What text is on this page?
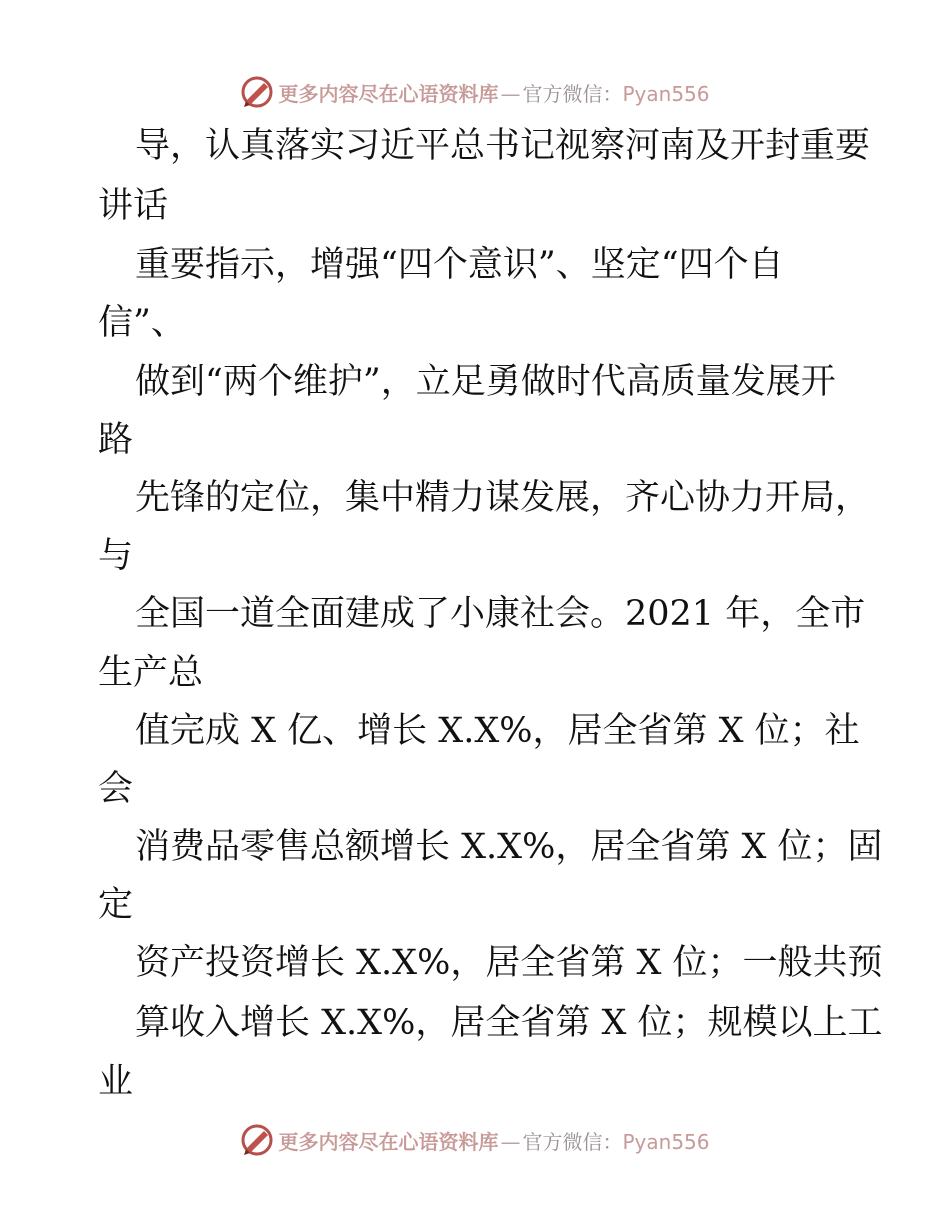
更多内容尽在心语资料库 — 官方微信：Pyan556
导，认真落实习近平总书记视察河南及开封重要
讲话
重要指示，增强“四个意识”、坚定“四个自
信”、
做到“两个维护”，立足勇做时代高质量发展开
路
先锋的定位，集中精力谋发展，齐心协力开局，
与
全国一道全面建成了小康社会。2021 年，全市
生产总
值完成 X 亿、增长 X.X%，居全省第 X 位；社
会
消费品零售总额增长 X.X%，居全省第 X 位；固
定
资产投资增长 X.X%，居全省第 X 位；一般共预
算收入增长 X.X%，居全省第 X 位；规模以上工
业
更多内容尽在心语资料库 — 官方微信：Pyan556
